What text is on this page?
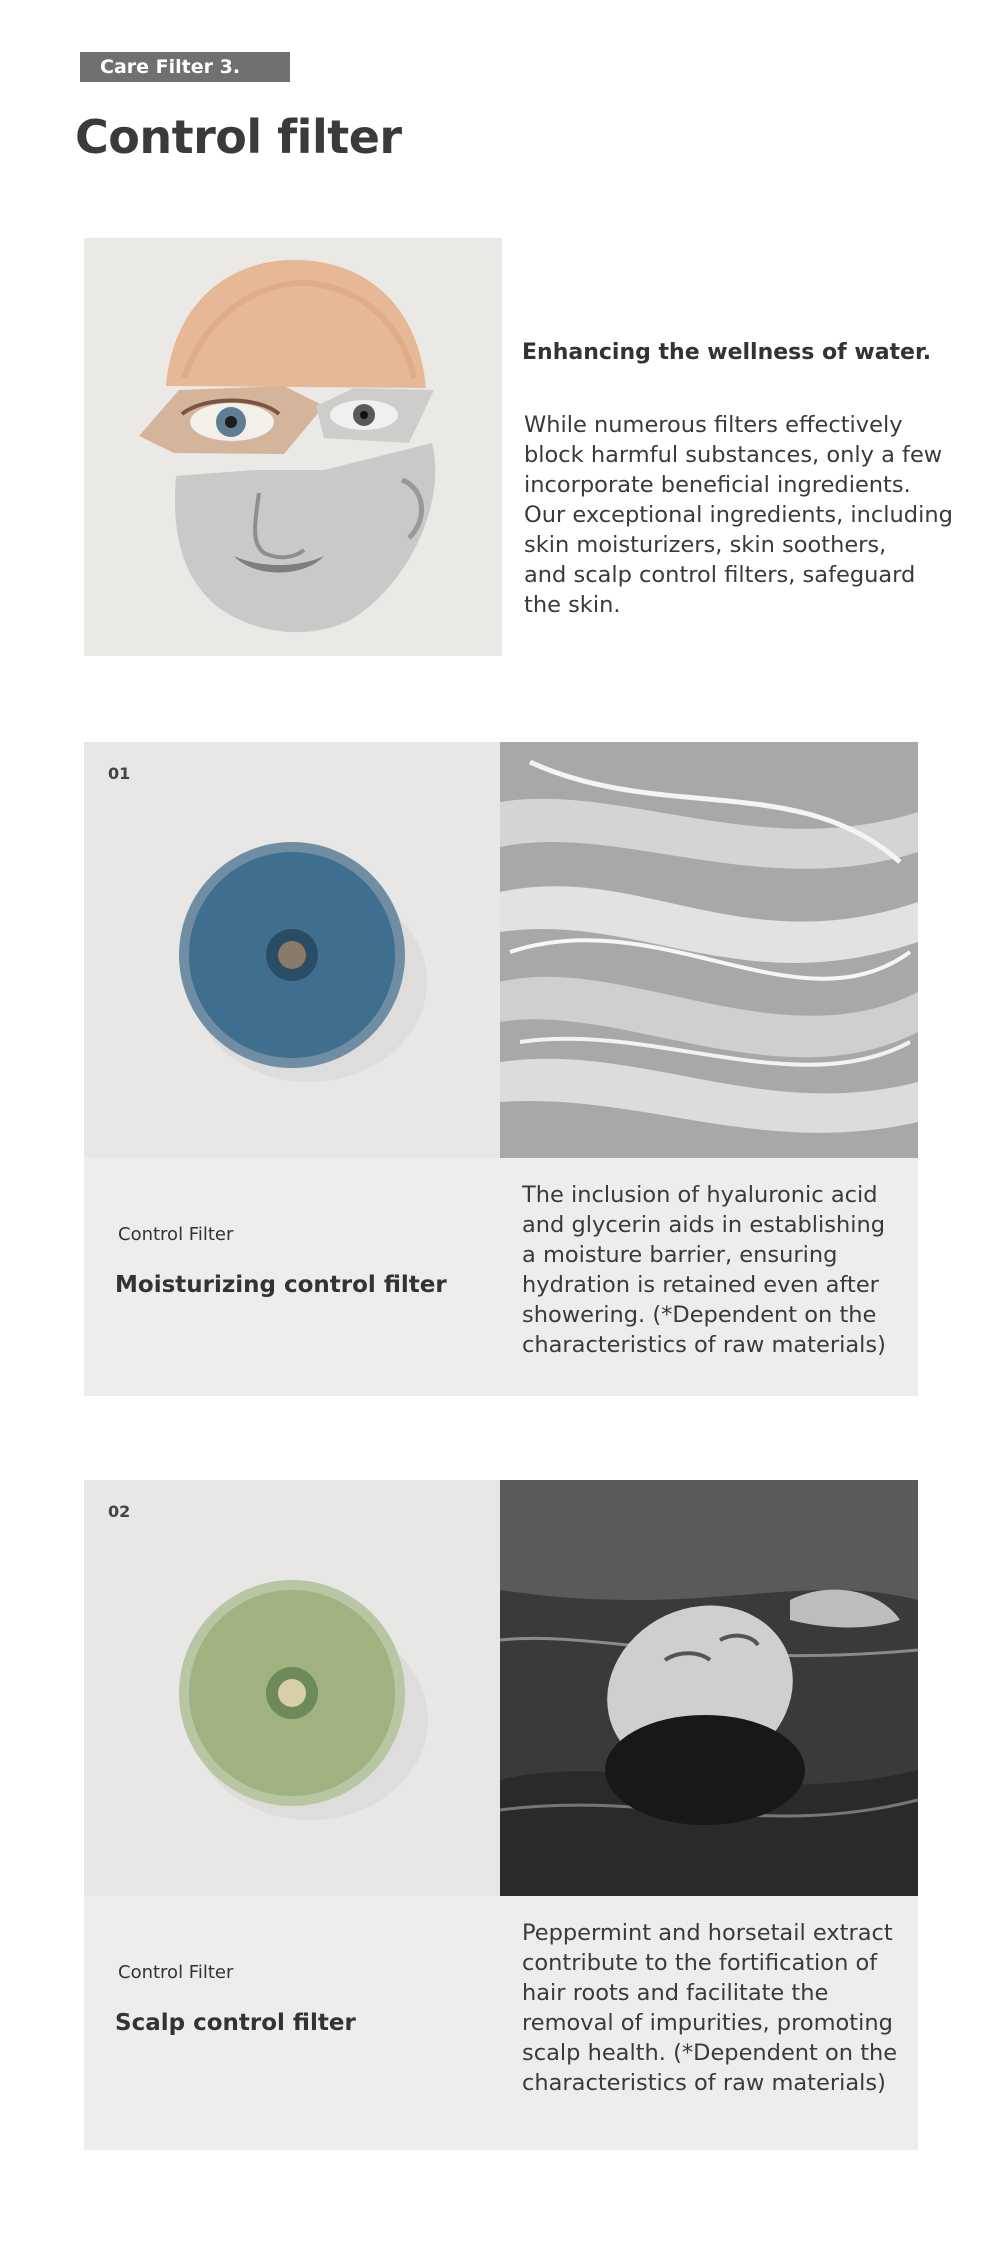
Care Filter 3.
Control filter
Enhancing the wellness of water.
While numerous filters effectively
block harmful substances, only a few
incorporate beneficial ingredients.
Our exceptional ingredients, including
skin moisturizers, skin soothers,
and scalp control filters, safeguard
the skin.
01
Control Filter
Moisturizing control filter
The inclusion of hyaluronic acid
and glycerin aids in establishing
a moisture barrier, ensuring
hydration is retained even after
showering. (*Dependent on the
characteristics of raw materials)
02
Control Filter
Scalp control filter
Peppermint and horsetail extract
contribute to the fortification of
hair roots and facilitate the
removal of impurities, promoting
scalp health. (*Dependent on the
characteristics of raw materials)
